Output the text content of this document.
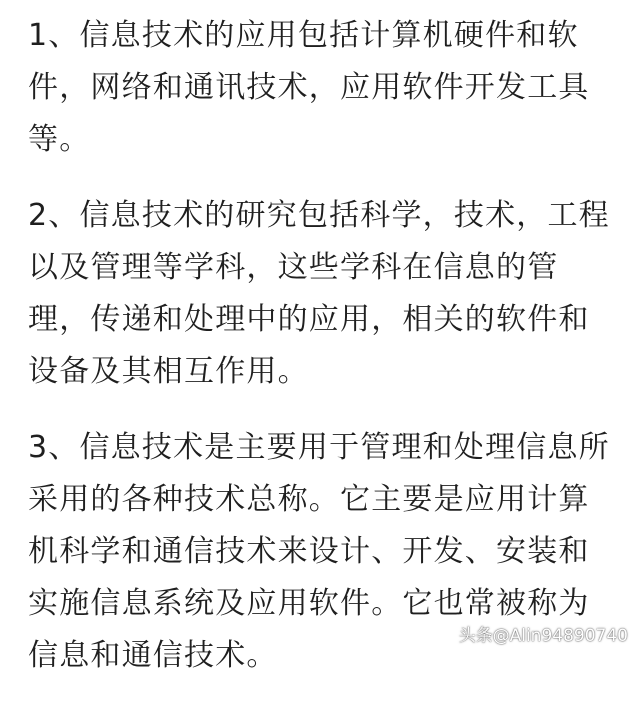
1、信息技术的应用包括计算机硬件和软
件，网络和通讯技术，应用软件开发工具
等。
2、信息技术的研究包括科学，技术，工程
以及管理等学科，这些学科在信息的管
理，传递和处理中的应用，相关的软件和
设备及其相互作用。
3、信息技术是主要用于管理和处理信息所
采用的各种技术总称。它主要是应用计算
机科学和通信技术来设计、开发、安装和
实施信息系统及应用软件。它也常被称为
信息和通信技术。
头条@Alin94890740
